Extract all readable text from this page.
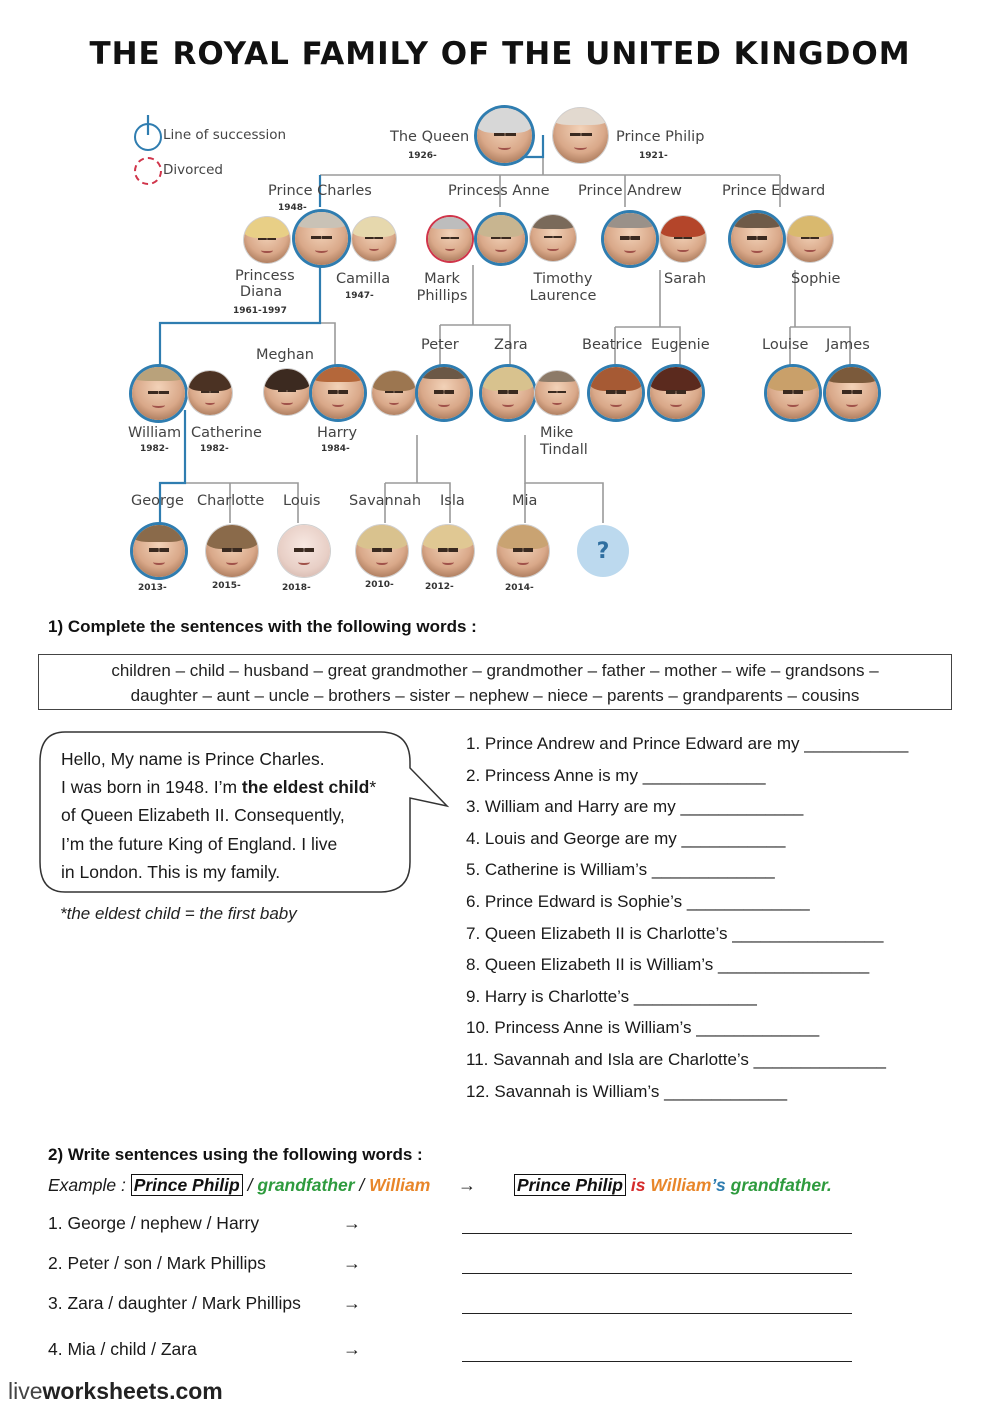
THE ROYAL FAMILY OF THE UNITED KINGDOM
Line of succession
Divorced
The Queen
1926-
Prince Philip
1921-
Prince Charles
1948-
Princess Anne Prince Andrew	Prince Edward
Princess
Diana
1961-1997
Camilla
1947-
Mark
Phillips
Timothy
Laurence
Sarah	Sophie
Meghan
Peter Zara	Beatrice Eugenie	Louise James
William
1982-
Catherine
1982-
Harry
1984-
Mike
Tindall
George Charlotte Louis Savannah Isla	Mia
?
2013-	2015-	2018-	2010-	2012-	2014-
1) Complete the sentences with the following words :
children – child – husband – great grandmother – grandmother – father – mother – wife – grandsons –
daughter – aunt – uncle – brothers – sister – nephew – niece – parents – grandparents – cousins
Hello, My name is Prince Charles.
I was born in 1948. I’m the eldest child*
of Queen Elizabeth II. Consequently,
I’m the future King of England. I live
in London. This is my family.
*the eldest child = the first baby
1. Prince Andrew and Prince Edward are my ___________
2. Princess Anne is my _____________
3. William and Harry are my _____________
4. Louis and George are my ___________
5. Catherine is William’s _____________
6. Prince Edward is Sophie’s _____________
7. Queen Elizabeth II is Charlotte’s ________________
8. Queen Elizabeth II is William’s ________________
9. Harry is Charlotte’s _____________
10. Princess Anne is William’s _____________
11. Savannah and Isla are Charlotte’s ______________
12. Savannah is William’s _____________
2) Write sentences using the following words :
Example : Prince Philip / grandfather / William → Prince Philip is William’s grandfather.
1. George / nephew / Harry	→
2. Peter / son / Mark Phillips	→
3. Zara / daughter / Mark Phillips →
4. Mia / child / Zara	→
liveworksheets.com
